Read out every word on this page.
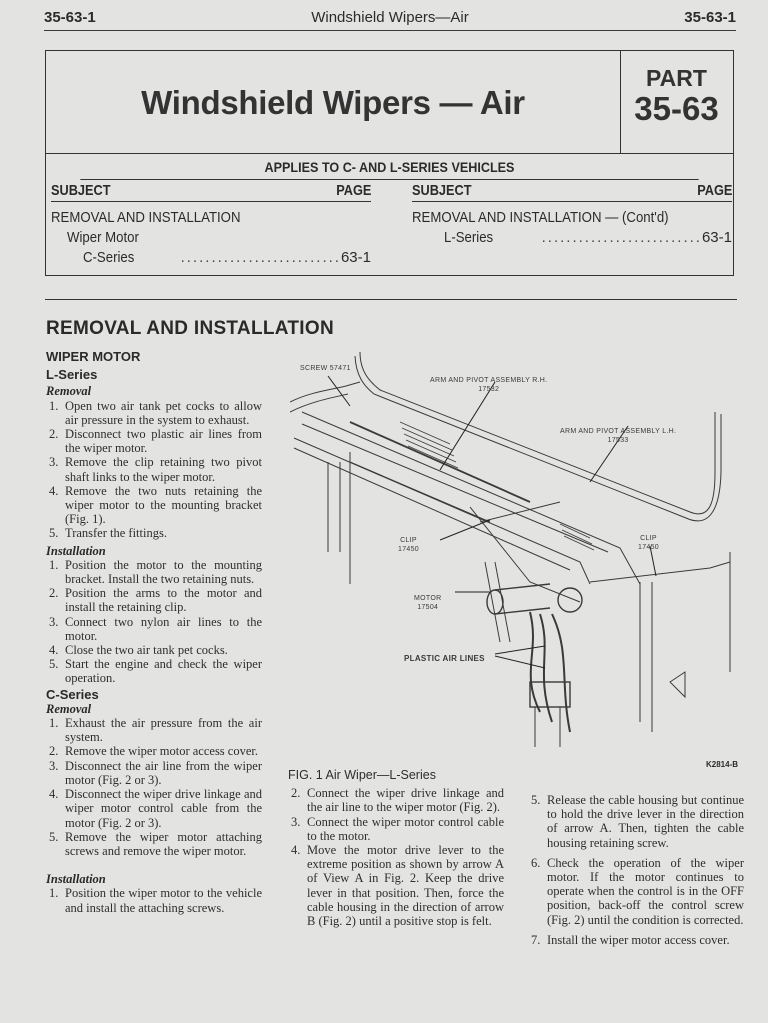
35-63-1	Windshield Wipers—Air	35-63-1
Windshield Wipers — Air
PART
35-63
APPLIES TO C- AND L-SERIES VEHICLES
SUBJECT	PAGE
REMOVAL AND INSTALLATION
Wiper Motor
C-Series	..........................63-1
SUBJECT	PAGE
REMOVAL AND INSTALLATION — (Cont'd)
L-Series	..........................63-1
REMOVAL AND INSTALLATION
WIPER MOTOR
L-Series
Removal
1. Open two air tank pet cocks to allow air pressure in the system to exhaust.
2. Disconnect two plastic air lines from the wiper motor.
3. Remove the clip retaining two pivot shaft links to the wiper motor.
4. Remove the two nuts retaining the wiper motor to the mounting bracket (Fig. 1).
5. Transfer the fittings.
Installation
1. Position the motor to the mounting bracket. Install the two retaining nuts.
2. Position the arms to the motor and install the retaining clip.
3. Connect two nylon air lines to the motor.
4. Close the two air tank pet cocks.
5. Start the engine and check the wiper operation.
C-Series
Removal
1. Exhaust the air pressure from the air system.
2. Remove the wiper motor access cover.
3. Disconnect the air line from the wiper motor (Fig. 2 or 3).
4. Disconnect the wiper drive linkage and wiper motor control cable from the motor (Fig. 2 or 3).
5. Remove the wiper motor attaching screws and remove the wiper motor.
Installation
1. Position the wiper motor to the vehicle and install the attaching screws.
SCREW 57471
ARM AND PIVOT ASSEMBLY R.H.
17532
ARM AND PIVOT ASSEMBLY L.H.
17533
CLIP
17450
CLIP
17450
MOTOR
17504
PLASTIC AIR LINES
K2814-B
FIG. 1 Air Wiper—L-Series
2. Connect the wiper drive linkage and the air line to the wiper motor (Fig. 2).
3. Connect the wiper motor control cable to the motor.
4. Move the motor drive lever to the extreme position as shown by arrow A of View A in Fig. 2. Keep the drive lever in that position. Then, force the cable housing in the direction of arrow B (Fig. 2) until a positive stop is felt.
5. Release the cable housing but continue to hold the drive lever in the direction of arrow A. Then, tighten the cable housing retaining screw.
6. Check the operation of the wiper motor. If the motor continues to operate when the control is in the OFF position, back-off the control screw (Fig. 2) until the condition is corrected.
7. Install the wiper motor access cover.
